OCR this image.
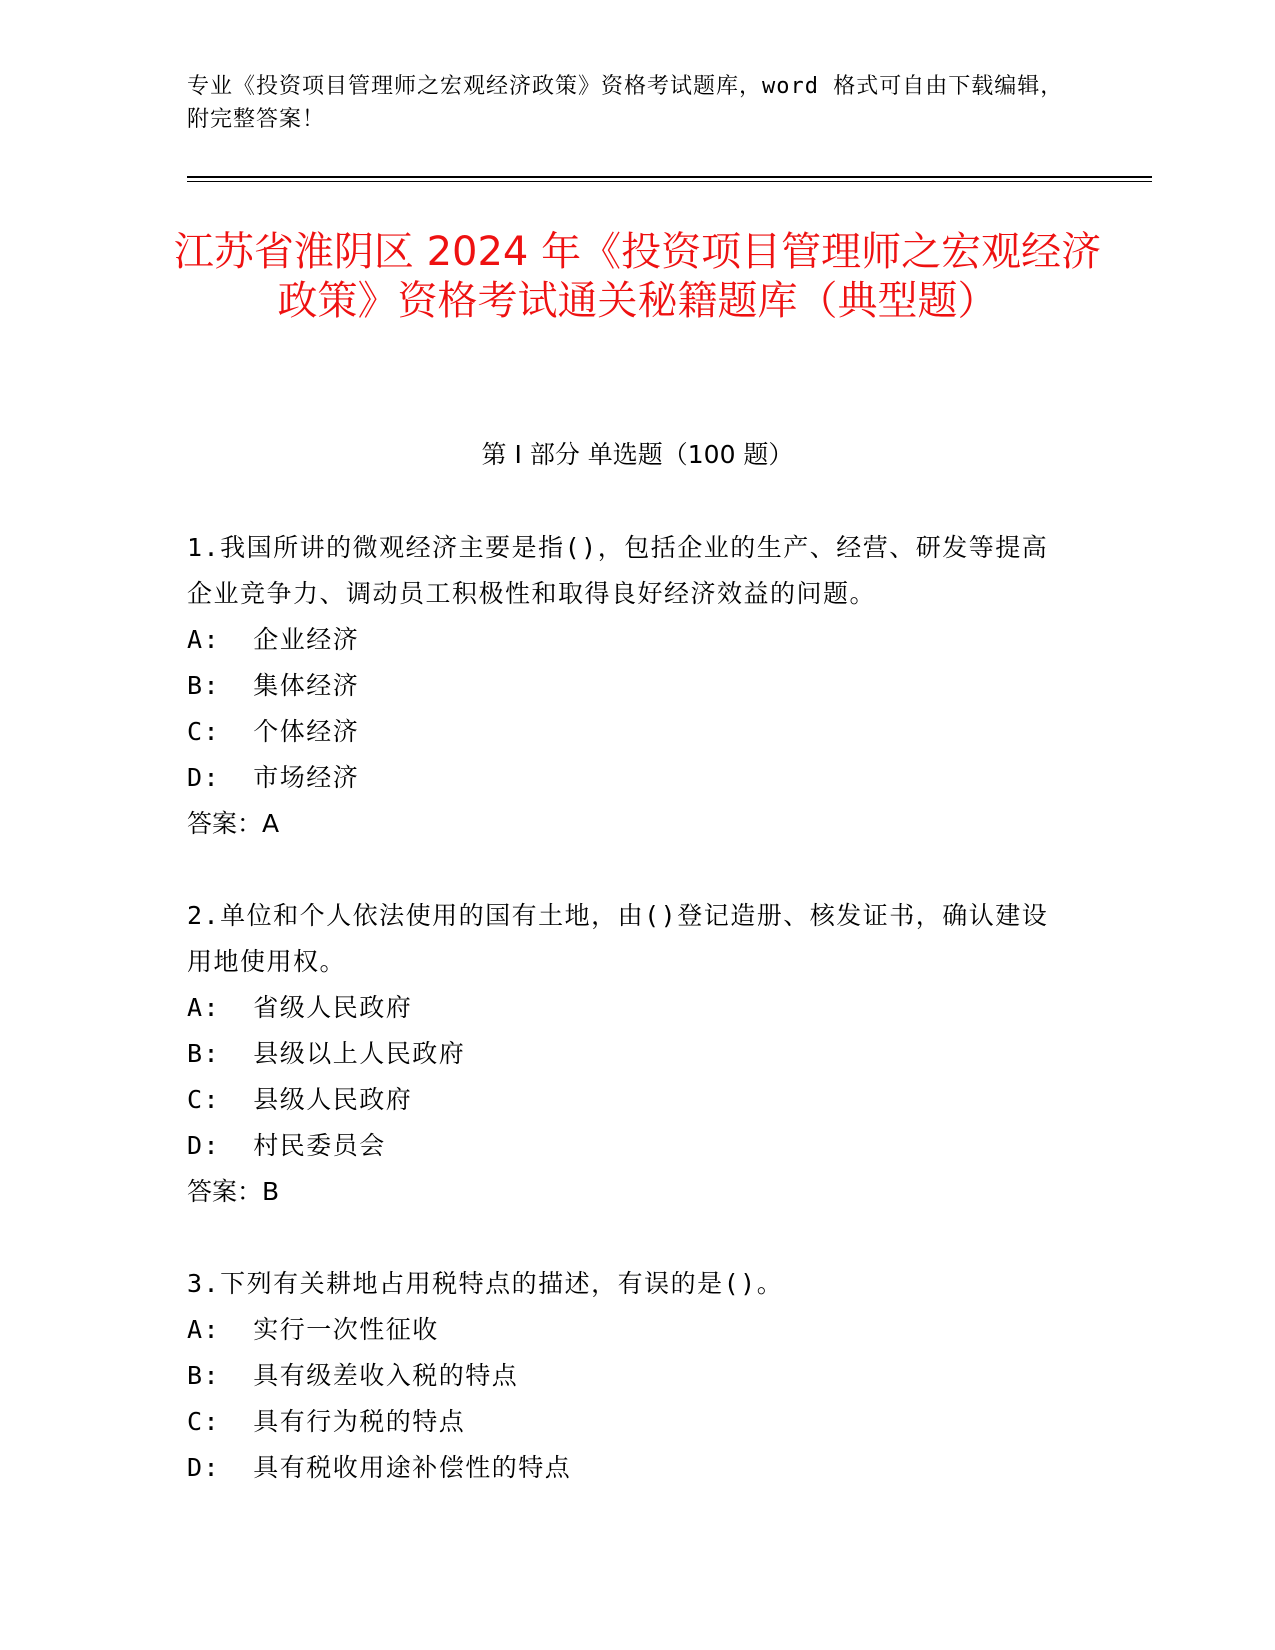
专业《投资项目管理师之宏观经济政策》资格考试题库，word 格式可自由下载编辑，附完整答案！
江苏省淮阴区 2024 年《投资项目管理师之宏观经济政策》资格考试通关秘籍题库（典型题）
第 I 部分 单选题（100 题）

1.我国所讲的微观经济主要是指()，包括企业的生产、经营、研发等提高企业竞争力、调动员工积极性和取得良好经济效益的问题。

A:  企业经济

B:  集体经济

C:  个体经济

D:  市场经济

答案：A

2.单位和个人依法使用的国有土地，由()登记造册、核发证书，确认建设用地使用权。

A:  省级人民政府

B:  县级以上人民政府

C:  县级人民政府

D:  村民委员会

答案：B

3.下列有关耕地占用税特点的描述，有误的是()。

A:  实行一次性征收

B:  具有级差收入税的特点

C:  具有行为税的特点

D:  具有税收用途补偿性的特点
